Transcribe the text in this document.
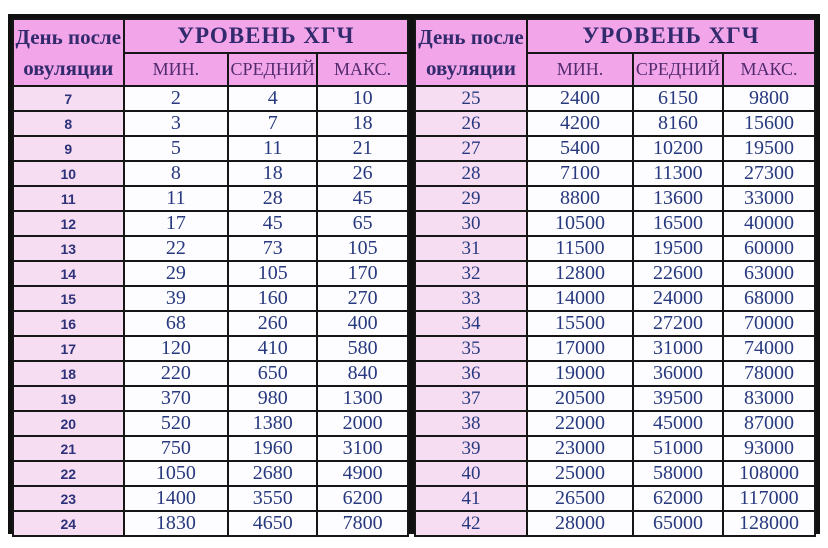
День после
овуляции	УРОВЕНЬ ХГЧ		
	МИН.	СРЕДНИЙ	МАКС.
7	2	4	10
8	3	7	18
9	5	11	21
10	8	18	26
11	11	28	45
12	17	45	65
13	22	73	105
14	29	105	170
15	39	160	270
16	68	260	400
17	120	410	580
18	220	650	840
19	370	980	1300
20	520	1380	2000
21	750	1960	3100
22	1050	2680	4900
23	1400	3550	6200
24	1830	4650	7800
День после
овуляции	УРОВЕНЬ ХГЧ		
	МИН.	СРЕДНИЙ	МАКС.
25	2400	6150	9800
26	4200	8160	15600
27	5400	10200	19500
28	7100	11300	27300
29	8800	13600	33000
30	10500	16500	40000
31	11500	19500	60000
32	12800	22600	63000
33	14000	24000	68000
34	15500	27200	70000
35	17000	31000	74000
36	19000	36000	78000
37	20500	39500	83000
38	22000	45000	87000
39	23000	51000	93000
40	25000	58000	108000
41	26500	62000	117000
42	28000	65000	128000
